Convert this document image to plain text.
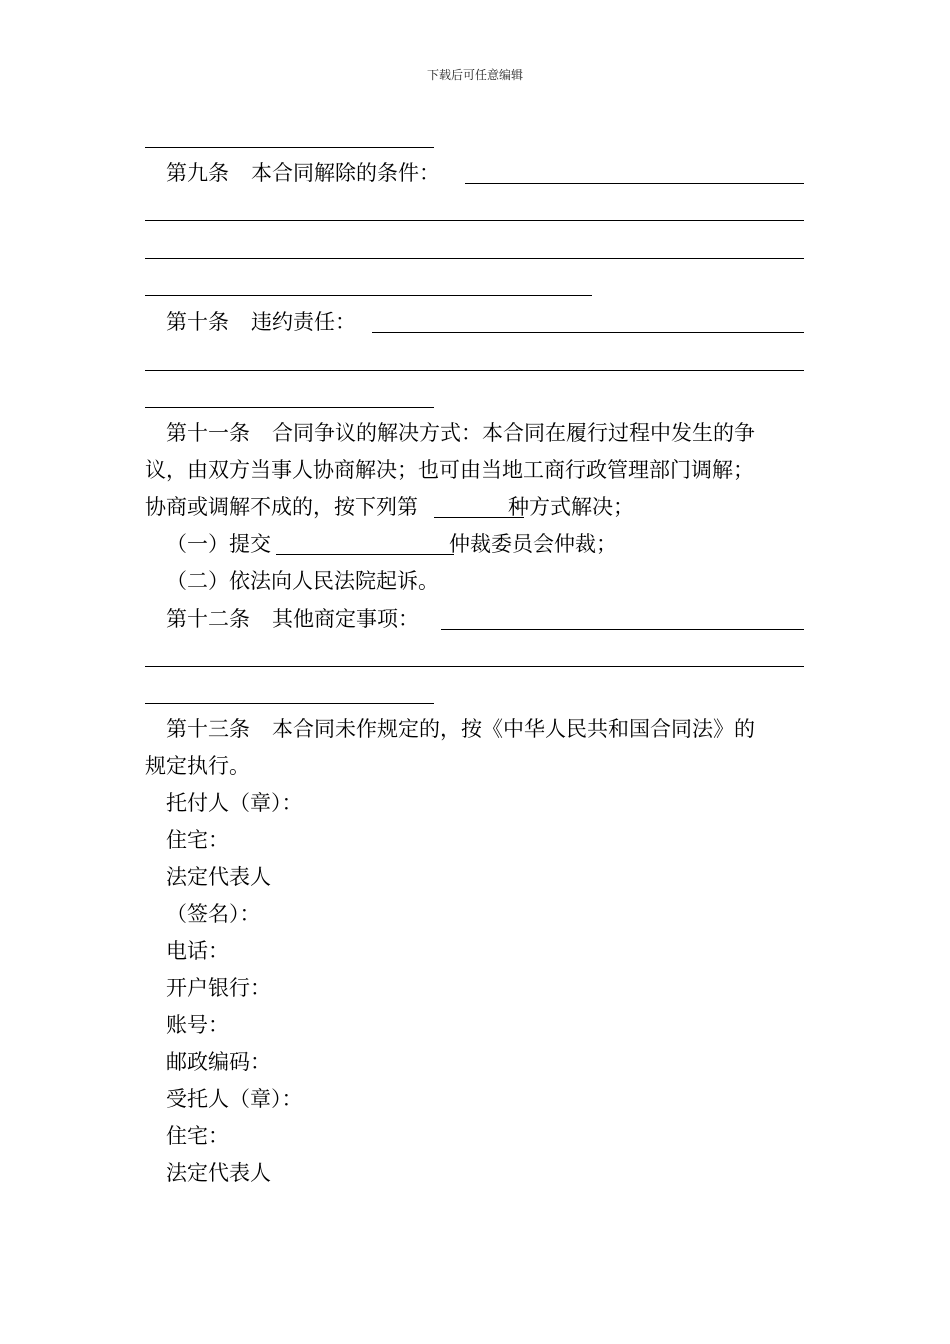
下载后可任意编辑
第九条 本合同解除的条件：
第十条 违约责任：
第十一条 合同争议的解决方式：本合同在履行过程中发生的争
议，由双方当事人协商解决；也可由当地工商行政管理部门调解；
协商或调解不成的，按下列第	种方式解决；
（一）提交	仲裁委员会仲裁；
（二）依法向人民法院起诉。
第十二条 其他商定事项：
第十三条 本合同未作规定的，按《中华人民共和国合同法》的
规定执行。
托付人（章）：
住宅：
法定代表人
（签名）：
电话：
开户银行：
账号：
邮政编码：
受托人（章）：
住宅：
法定代表人
